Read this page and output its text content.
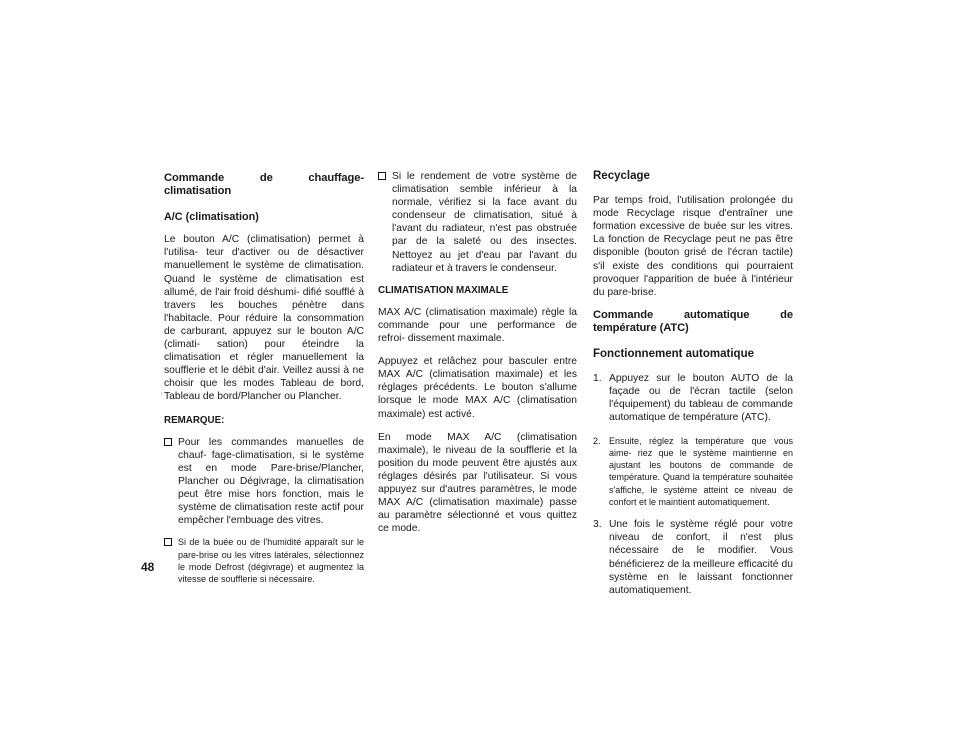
48
Commande de chauffage-climatisation
A/C (climatisation)

Le bouton A/C (climatisation) permet à l'utilisa- teur d'activer ou de désactiver manuellement le système de climatisation. Quand le système de climatisation est allumé, de l'air froid déshumi- difié soufflé à travers les bouches pénètre dans l'habitacle. Pour réduire la consommation de carburant, appuyez sur le bouton A/C (climati- sation) pour éteindre la climatisation et régler manuellement la soufflerie et le débit d'air. Veillez aussi à ne choisir que les modes Tableau de bord, Tableau de bord/Plancher ou Plancher.

REMARQUE:
Pour les commandes manuelles de chauf- fage-climatisation, si le système est en mode Pare-brise/Plancher, Plancher ou Dégivrage, la climatisation peut être mise hors fonction, mais le système de climatisation reste actif pour empêcher l'embuage des vitres.
Si de la buée ou de l'humidité apparaît sur le pare-brise ou les vitres latérales, sélectionnez le mode Defrost (dégivrage) et augmentez la vitesse de soufflerie si nécessaire.
Si le rendement de votre système de climatisation semble inférieur à la normale, vérifiez si la face avant du condenseur de climatisation, situé à l'avant du radiateur, n'est pas obstruée par de la saleté ou des insectes. Nettoyez au jet d'eau par l'avant du radiateur et à travers le condenseur.
CLIMATISATION MAXIMALE

MAX A/C (climatisation maximale) règle la commande pour une performance de refroi- dissement maximale.

Appuyez et relâchez pour basculer entre MAX A/C (climatisation maximale) et les réglages précédents. Le bouton s'allume lorsque le mode MAX A/C (climatisation maximale) est activé.

En mode MAX A/C (climatisation maximale), le niveau de la soufflerie et la position du mode peuvent être ajustés aux réglages désirés par l'utilisateur. Si vous appuyez sur d'autres paramètres, le mode MAX A/C (climatisation maximale) passe au paramètre sélectionné et vous quittez ce mode.

Recyclage

Par temps froid, l'utilisation prolongée du mode Recyclage risque d'entraîner une formation excessive de buée sur les vitres. La fonction de Recyclage peut ne pas être disponible (bouton grisé de l'écran tactile) s'il existe des conditions qui pourraient provoquer l'apparition de buée à l'intérieur du pare-brise.

Commande automatique de température (ATC)
Fonctionnement automatique
1. Appuyez sur le bouton AUTO de la façade ou de l'écran tactile (selon l'équipement) du tableau de commande automatique de température (ATC).
2. Ensuite, réglez la température que vous aime- riez que le système maintienne en ajustant les boutons de commande de température. Quand la température souhaitée s'affiche, le système atteint ce niveau de confort et le maintient automatiquement.
3. Une fois le système réglé pour votre niveau de confort, il n'est plus nécessaire de le modifier. Vous bénéficierez de la meilleure efficacité du système en le laissant fonctionner automatiquement.
